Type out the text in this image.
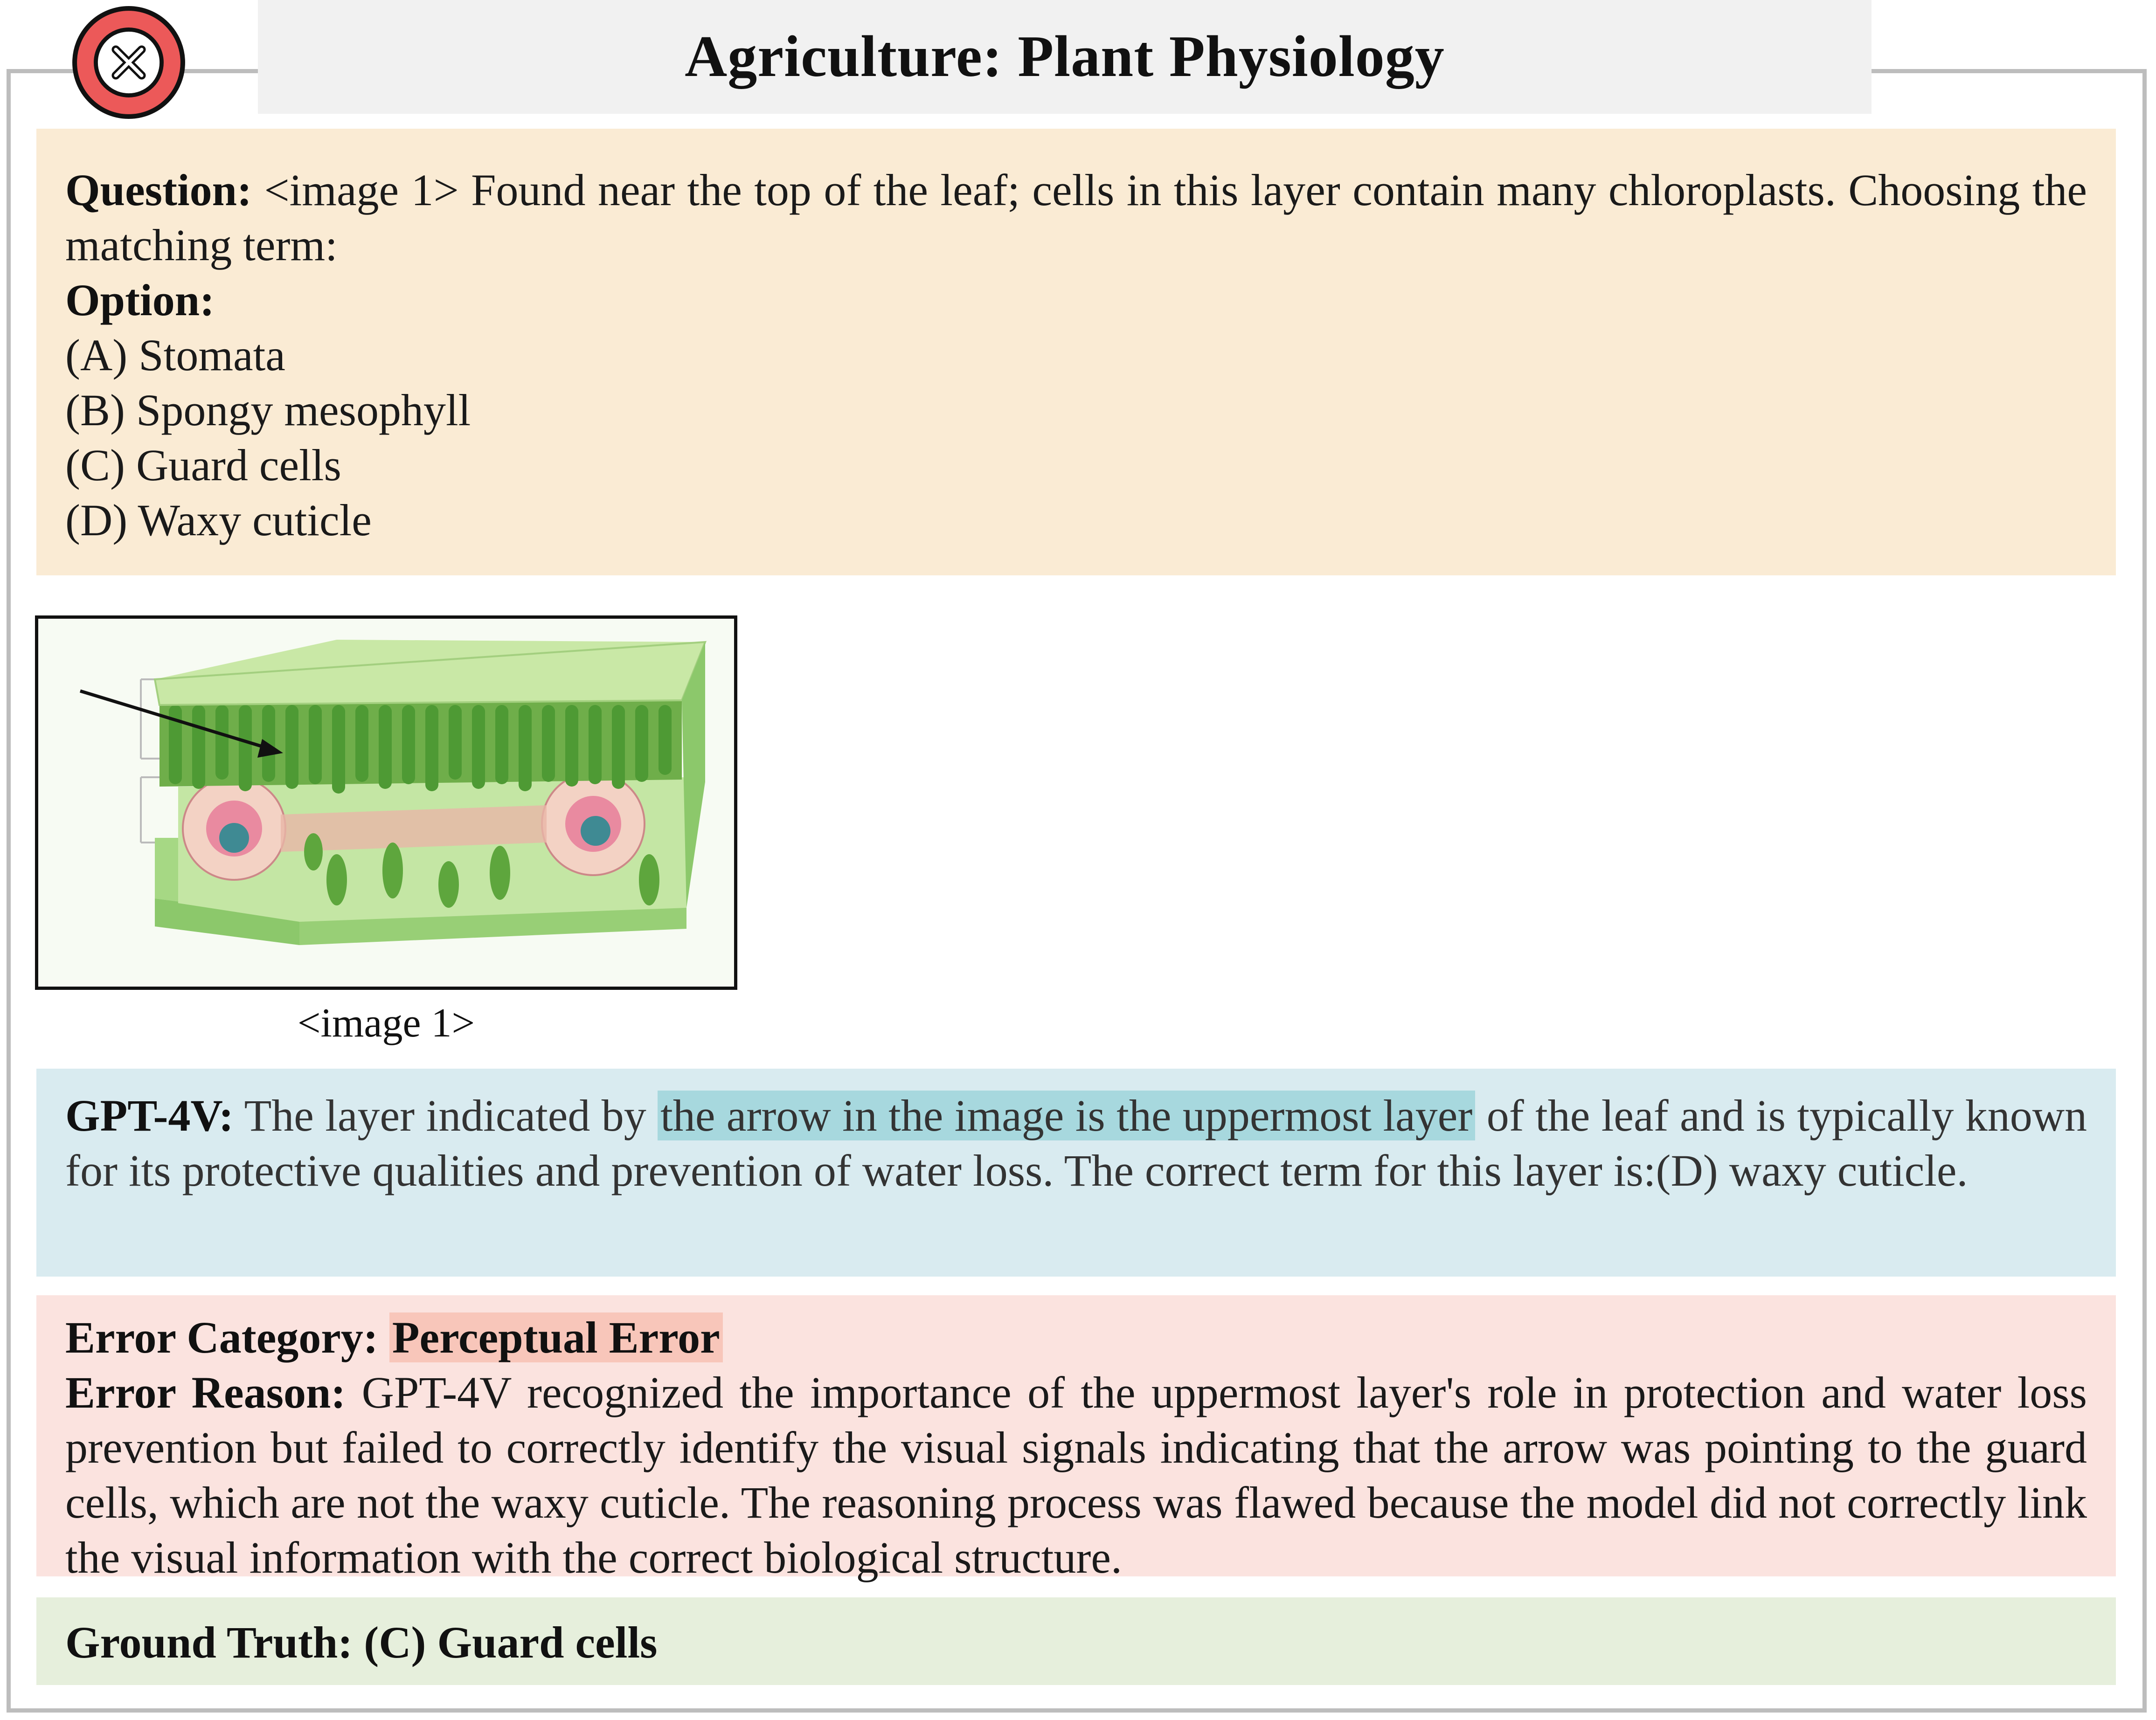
Agriculture: Plant Physiology
Question: <image 1> Found near the top of the leaf; cells in this layer contain many chloroplasts. Choosing the matching term:
Option:
(A) Stomata
(B) Spongy mesophyll
(C) Guard cells
(D) Waxy cuticle
<image 1>
GPT-4V: The layer indicated by the arrow in the image is the uppermost layer of the leaf and is typically known for its protective qualities and prevention of water loss. The correct term for this layer is:(D) waxy cuticle.
Error Category: Perceptual Error
Error Reason: GPT-4V recognized the importance of the uppermost layer's role in protection and water loss prevention but failed to correctly identify the visual signals indicating that the arrow was pointing to the guard cells, which are not the waxy cuticle. The reasoning process was flawed because the model did not correctly link the visual information with the correct biological structure.
Ground Truth: (C) Guard cells
